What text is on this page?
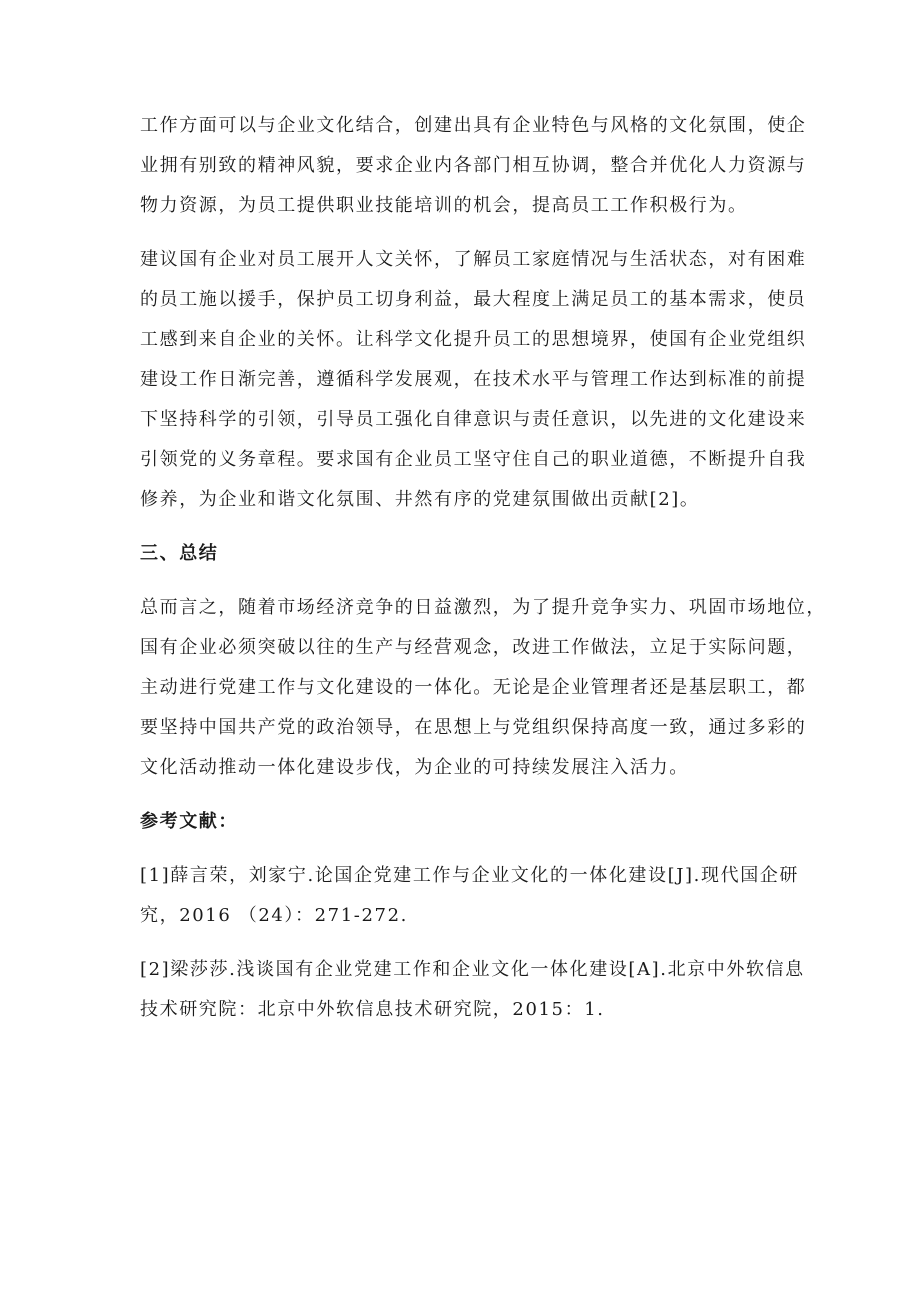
工作方面可以与企业文化结合，创建出具有企业特色与风格的文化氛围，使企
业拥有别致的精神风貌，要求企业内各部门相互协调，整合并优化人力资源与
物力资源，为员工提供职业技能培训的机会，提高员工工作积极行为。

建议国有企业对员工展开人文关怀，了解员工家庭情况与生活状态，对有困难
的员工施以援手，保护员工切身利益，最大程度上满足员工的基本需求，使员
工感到来自企业的关怀。让科学文化提升员工的思想境界，使国有企业党组织
建设工作日渐完善，遵循科学发展观，在技术水平与管理工作达到标准的前提
下坚持科学的引领，引导员工强化自律意识与责任意识，以先进的文化建设来
引领党的义务章程。要求国有企业员工坚守住自己的职业道德，不断提升自我
修养，为企业和谐文化氛围、井然有序的党建氛围做出贡献[2]。

三、总结

总而言之，随着市场经济竞争的日益激烈，为了提升竞争实力、巩固市场地位，
国有企业必须突破以往的生产与经营观念，改进工作做法，立足于实际问题，
主动进行党建工作与文化建设的一体化。无论是企业管理者还是基层职工，都
要坚持中国共产党的政治领导，在思想上与党组织保持高度一致，通过多彩的
文化活动推动一体化建设步伐，为企业的可持续发展注入活力。

参考文献：

[1]薛言荣，刘家宁.论国企党建工作与企业文化的一体化建设[J].现代国企研
究，2016 （24）：271-272.

[2]梁莎莎.浅谈国有企业党建工作和企业文化一体化建设[A].北京中外软信息
技术研究院：北京中外软信息技术研究院，2015：1.
